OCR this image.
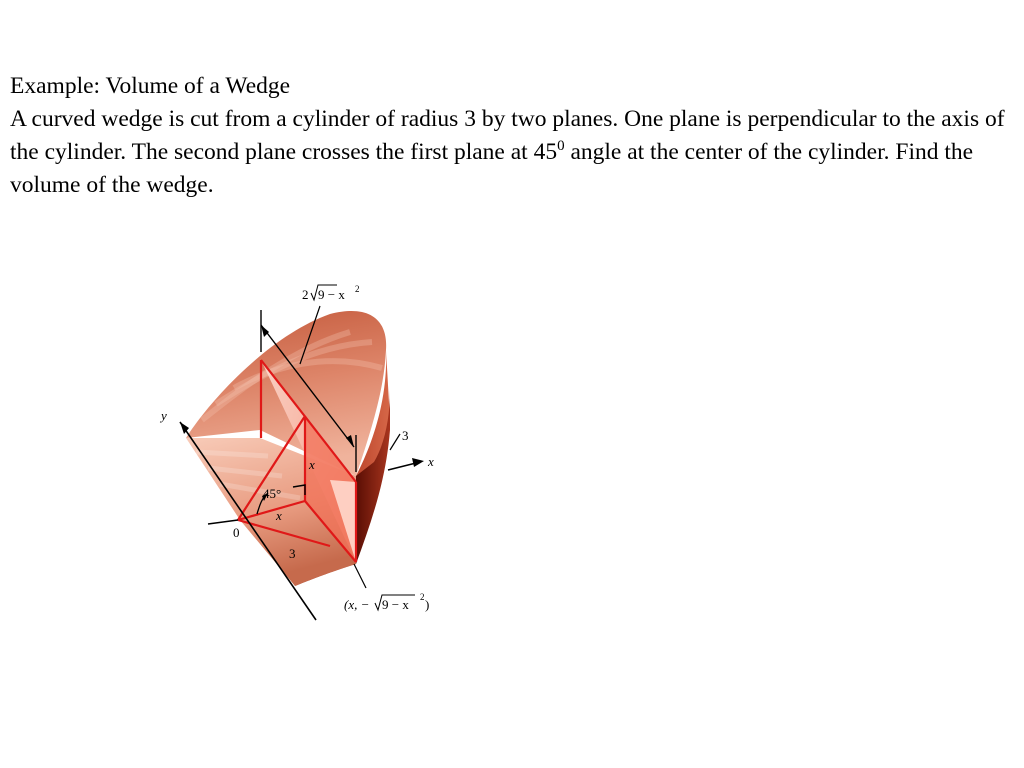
Example: Volume of a Wedge

A curved wedge is cut from a cylinder of radius 3 by two planes. One plane is perpendicular to the axis of the cylinder. The second plane crosses the first plane at $45^0$ angle at the center of the cylinder. Find the volume of the wedge.

2 9 − x 2
y
x
3
x
45°
x
0
3
(x, − 9 − x 2 )
